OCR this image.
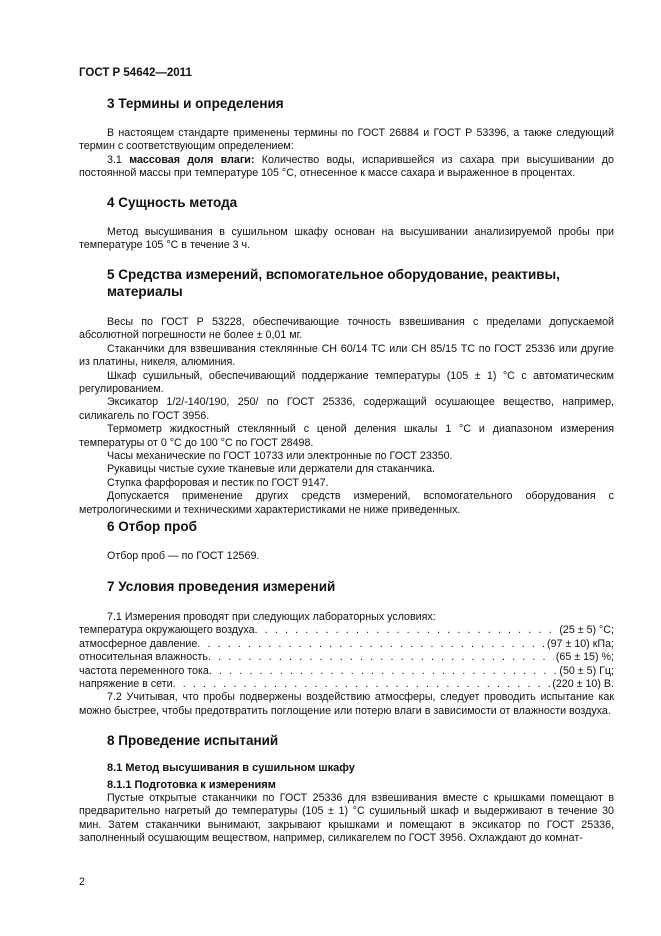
ГОСТ Р 54642—2011
3 Термины и определения
В настоящем стандарте применены термины по ГОСТ 26884 и ГОСТ Р 53396, а также следующий термин с соответствующим определением:
3.1 массовая доля влаги: Количество воды, испарившейся из сахара при высушивании до постоянной массы при температуре 105 °С, отнесенное к массе сахара и выраженное в процентах.
4 Сущность метода
Метод высушивания в сушильном шкафу основан на высушивании анализируемой пробы при температуре 105 °С в течение 3 ч.
5 Средства измерений, вспомогательное оборудование, реактивы, материалы
Весы по ГОСТ Р 53228, обеспечивающие точность взвешивания с пределами допускаемой абсолютной погрешности не более ± 0,01 мг.
Стаканчики для взвешивания стеклянные СН 60/14 ТС или СН 85/15 ТС по ГОСТ 25336 или другие из платины, никеля, алюминия.
Шкаф сушильный, обеспечивающий поддержание температуры (105 ± 1) °С с автоматическим регулированием.
Эксикатор 1/2/-140/190, 250/ по ГОСТ 25336, содержащий осушающее вещество, например, силикагель по ГОСТ 3956.
Термометр жидкостный стеклянный с ценой деления шкалы 1 °С и диапазоном измерения температуры от 0 °С до 100 °С по ГОСТ 28498.
Часы механические по ГОСТ 10733 или электронные по ГОСТ 23350.
Рукавицы чистые сухие тканевые или держатели для стаканчика.
Ступка фарфоровая и пестик по ГОСТ 9147.
Допускается применение других средств измерений, вспомогательного оборудования с метрологическими и техническими характеристиками не ниже приведенных.
6 Отбор проб
Отбор проб — по ГОСТ 12569.
7 Условия проведения измерений
7.1 Измерения проводят при следующих лабораторных условиях:
температура окружающего воздуха . . .	(25 ± 5) °С;
атмосферное давление . . .	(97 ± 10) кПа;
относительная влажность . . .	(65 ± 15) %;
частота переменного тока . . .	(50 ± 5) Гц;
напряжение в сети . . .	(220 ± 10) В.
7.2 Учитывая, что пробы подвержены воздействию атмосферы, следует проводить испытание как можно быстрее, чтобы предотвратить поглощение или потерю влаги в зависимости от влажности воздуха.
8 Проведение испытаний
8.1 Метод высушивания в сушильном шкафу
8.1.1 Подготовка к измерениям
Пустые открытые стаканчики по ГОСТ 25336 для взвешивания вместе с крышками помещают в предварительно нагретый до температуры (105 ± 1) °С сушильный шкаф и выдерживают в течение 30 мин. Затем стаканчики вынимают, закрывают крышками и помещают в эксикатор по ГОСТ 25336, заполненный осушающим веществом, например, силикагелем по ГОСТ 3956. Охлаждают до комнат-
2
